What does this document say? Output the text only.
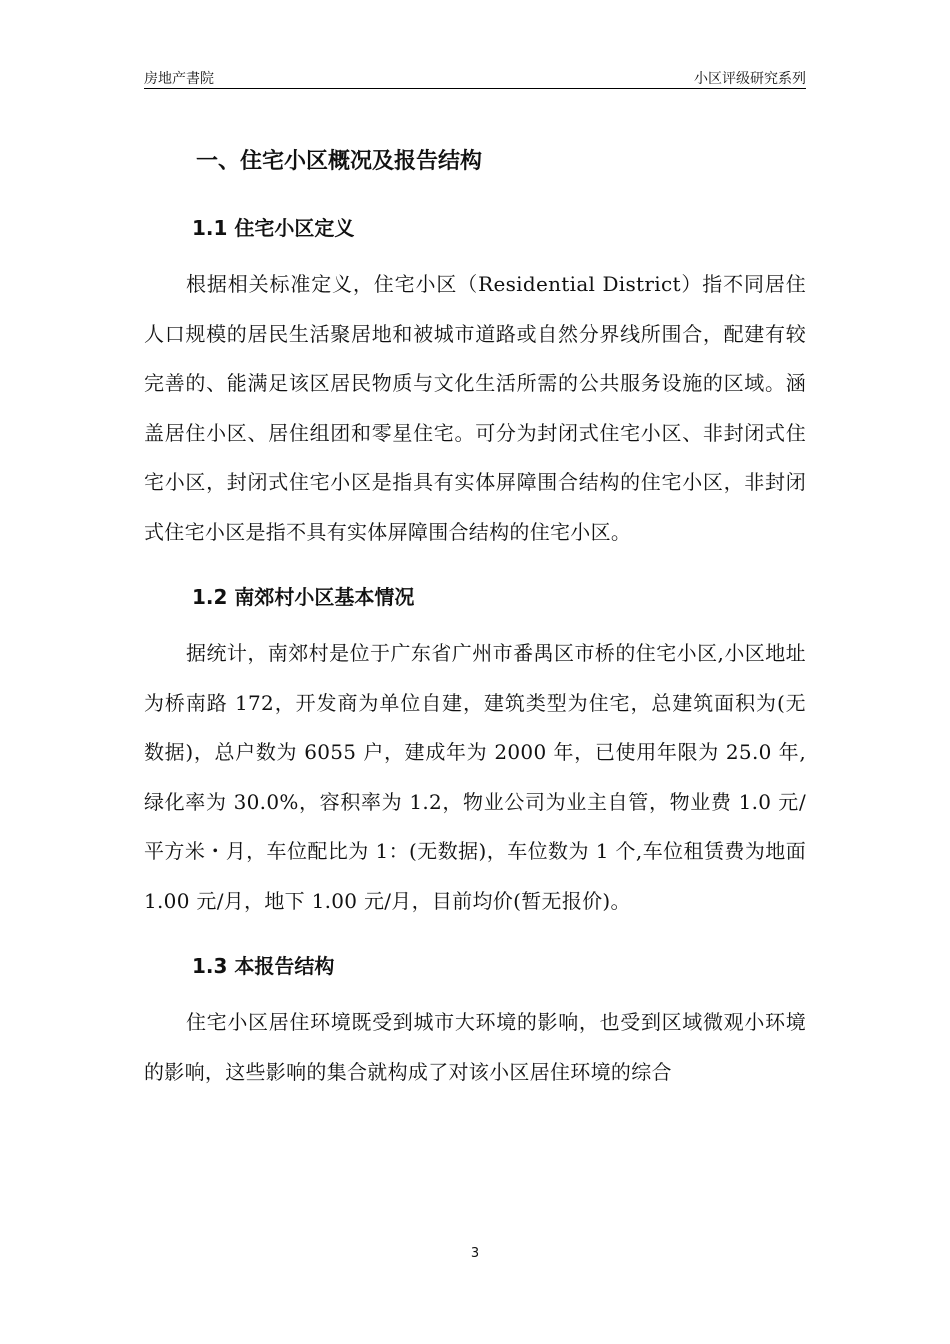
房地产書院	小区评级研究系列
一、住宅小区概况及报告结构
1.1 住宅小区定义

根据相关标准定义，住宅小区（Residential District）指不同居住人口规模的居民生活聚居地和被城市道路或自然分界线所围合，配建有较完善的、能满足该区居民物质与文化生活所需的公共服务设施的区域。涵盖居住小区、居住组团和零星住宅。可分为封闭式住宅小区、非封闭式住宅小区，封闭式住宅小区是指具有实体屏障围合结构的住宅小区，非封闭式住宅小区是指不具有实体屏障围合结构的住宅小区。

1.2 南郊村小区基本情况

据统计，南郊村是位于广东省广州市番禺区市桥的住宅小区,小区地址为桥南路 172，开发商为单位自建，建筑类型为住宅，总建筑面积为(无数据)，总户数为 6055 户，建成年为 2000 年，已使用年限为 25.0 年,绿化率为 30.0%，容积率为 1.2，物业公司为业主自管，物业费 1.0 元/平方米・月，车位配比为 1：(无数据)，车位数为 1 个,车位租赁费为地面 1.00 元/月，地下 1.00 元/月，目前均价(暂无报价)。

1.3 本报告结构

住宅小区居住环境既受到城市大环境的影响，也受到区域微观小环境的影响，这些影响的集合就构成了对该小区居住环境的综合

3
